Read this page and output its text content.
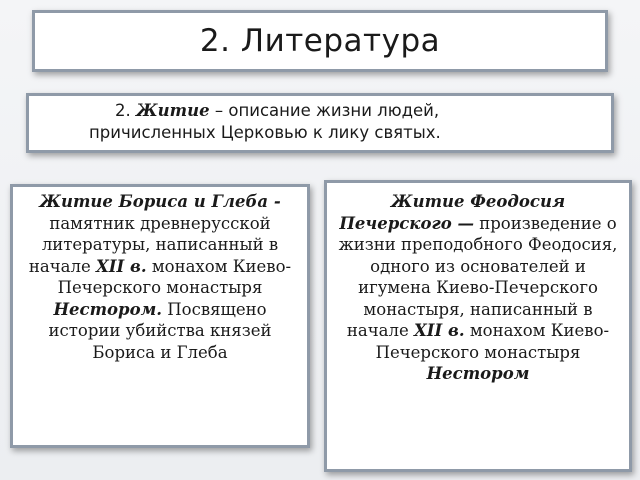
2. Литература
2. Житие – описание жизни людей,
причисленных Церковью к лику святых.
Житие Бориса и Глеба - памятник древнерусской литературы, написанный в начале XII в. монахом Киево-Печерского монастыря Нестором. Посвящено истории убийства князей Бориса и Глеба
Житие Феодосия Печерского — произведение о жизни преподобного Феодосия, одного из основателей и игумена Киево-Печерского монастыря, написанный в начале XII в. монахом Киево-Печерского монастыря Нестором
